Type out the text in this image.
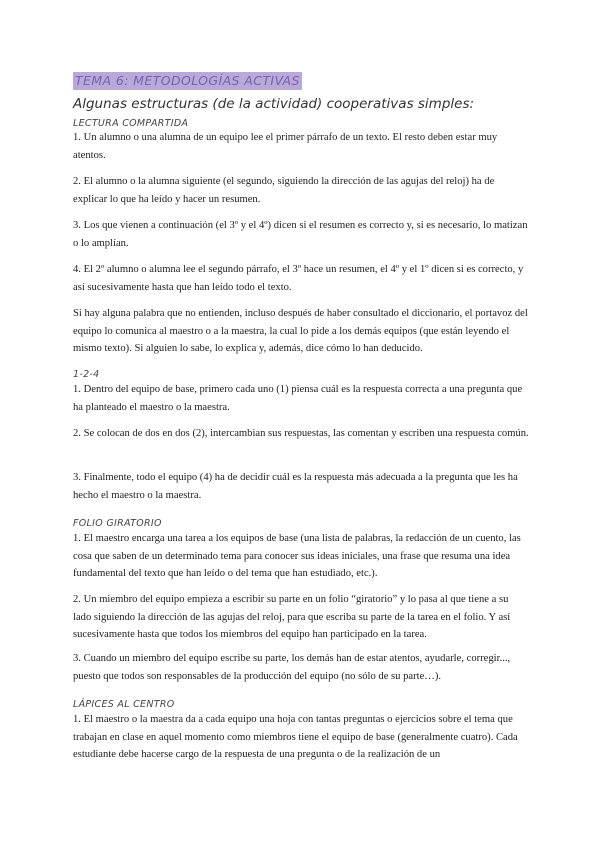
TEMA 6: METODOLOGÍAS ACTIVAS
Algunas estructuras (de la actividad) cooperativas simples:
LECTURA COMPARTIDA

1. Un alumno o una alumna de un equipo lee el primer párrafo de un texto. El resto deben estar muy atentos.

2. El alumno o la alumna siguiente (el segundo, siguiendo la dirección de las agujas del reloj) ha de explicar lo que ha leído y hacer un resumen.

3. Los que vienen a continuación (el 3º y el 4º) dicen si el resumen es correcto y, si es necesario, lo matizan o lo amplían.

4. El 2º alumno o alumna lee el segundo párrafo, el 3º hace un resumen, el 4º y el 1º dicen si es correcto, y así sucesivamente hasta que han leído todo el texto.

Si hay alguna palabra que no entienden, incluso después de haber consultado el diccionario, el portavoz del equipo lo comunica al maestro o a la maestra, la cual lo pide a los demás equipos (que están leyendo el mismo texto). Si alguien lo sabe, lo explica y, además, dice cómo lo han deducido.

1-2-4

1. Dentro del equipo de base, primero cada uno (1) piensa cuál es la respuesta correcta a una pregunta que ha planteado el maestro o la maestra.

2. Se colocan de dos en dos (2), intercambian sus respuestas, las comentan y escriben una respuesta común.

3. Finalmente, todo el equipo (4) ha de decidir cuál es la respuesta más adecuada a la pregunta que les ha hecho el maestro o la maestra.

FOLIO GIRATORIO

1. El maestro encarga una tarea a los equipos de base (una lista de palabras, la redacción de un cuento, las cosa que saben de un determinado tema para conocer sus ideas iniciales, una frase que resuma una idea fundamental del texto que han leído o del tema que han estudiado, etc.).

2. Un miembro del equipo empieza a escribir su parte en un folio “giratorio” y lo pasa al que tiene a su lado siguiendo la dirección de las agujas del reloj, para que escriba su parte de la tarea en el folio. Y así sucesivamente hasta que todos los miembros del equipo han participado en la tarea.

3. Cuando un miembro del equipo escribe su parte, los demás han de estar atentos, ayudarle, corregir..., puesto que todos son responsables de la producción del equipo (no sólo de su parte…).

LÁPICES AL CENTRO

1. El maestro o la maestra da a cada equipo una hoja con tantas preguntas o ejercicios sobre el tema que trabajan en clase en aquel momento como miembros tiene el equipo de base (generalmente cuatro). Cada estudiante debe hacerse cargo de la respuesta de una pregunta o de la realización de un
